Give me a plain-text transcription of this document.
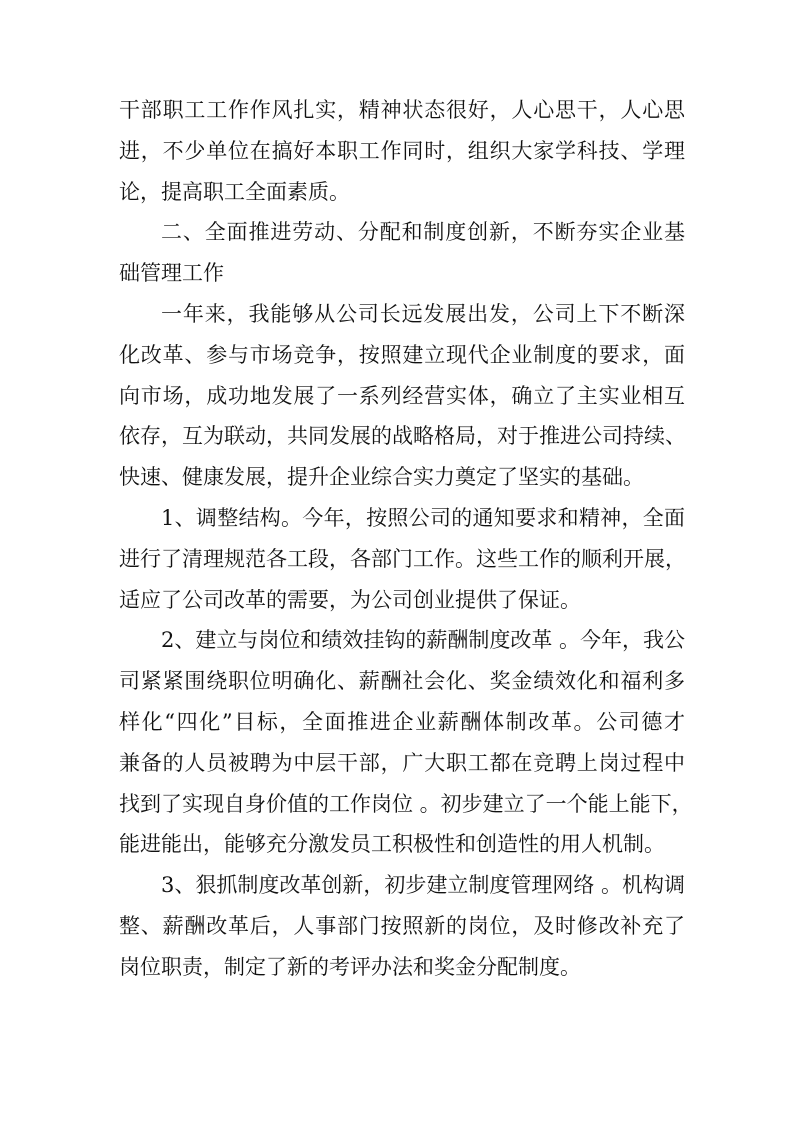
干部职工工作作风扎实，精神状态很好，人心思干，人心思
进，不少单位在搞好本职工作同时，组织大家学科技、学理
论，提高职工全面素质。

二、全面推进劳动、分配和制度创新，不断夯实企业基
础管理工作

一年来，我能够从公司长远发展出发，公司上下不断深
化改革、参与市场竞争，按照建立现代企业制度的要求，面
向市场，成功地发展了一系列经营实体，确立了主实业相互
依存，互为联动，共同发展的战略格局，对于推进公司持续、
快速、健康发展，提升企业综合实力奠定了坚实的基础。

1、调整结构。今年，按照公司的通知要求和精神，全面
进行了清理规范各工段，各部门工作。这些工作的顺利开展，
适应了公司改革的需要，为公司创业提供了保证。

2、建立与岗位和绩效挂钩的薪酬制度改革 。今年，我公
司紧紧围绕职位明确化、薪酬社会化、奖金绩效化和福利多
样化“四化”目标，全面推进企业薪酬体制改革。公司德才
兼备的人员被聘为中层干部，广大职工都在竞聘上岗过程中
找到了实现自身价值的工作岗位 。初步建立了一个能上能下，
能进能出，能够充分激发员工积极性和创造性的用人机制。

3、狠抓制度改革创新，初步建立制度管理网络 。机构调
整、薪酬改革后，人事部门按照新的岗位，及时修改补充了
岗位职责，制定了新的考评办法和奖金分配制度。
